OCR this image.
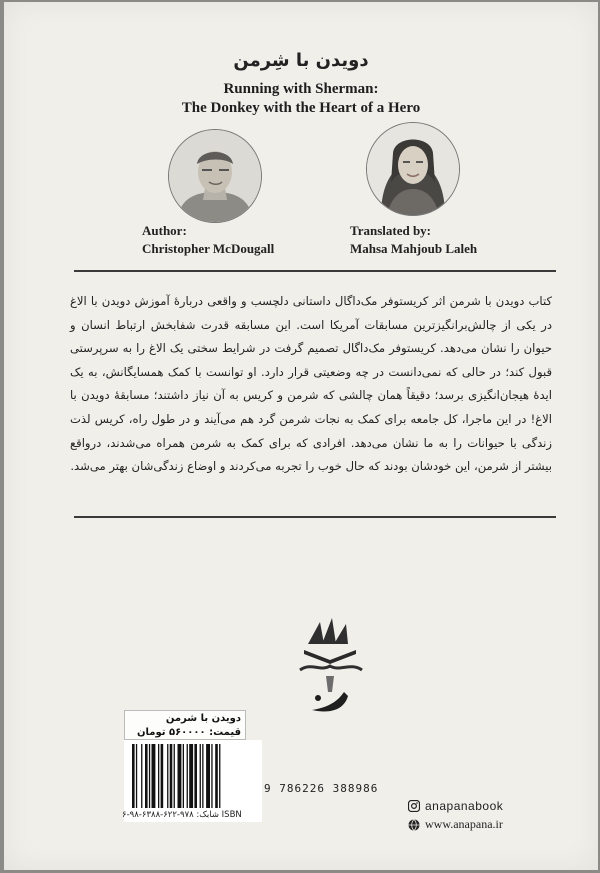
دویدن با شِرمن
Running with Sherman:
The Donkey with the Heart of a Hero
Author:
Christopher McDougall
Translated by:
Mahsa Mahjoub Laleh
کتاب دویدن با شرمن اثر کریستوفر مک‌داگال داستانی دلچسب و واقعی دربارهٔ آموزش دویدن با الاغ در یکی از چالش‌برانگیزترین مسابقات آمریکا است. این مسابقه قدرت شفابخش ارتباط انسان و حیوان را نشان می‌دهد. کریستوفر مک‌داگال تصمیم گرفت در شرایط سختی یک الاغ را به سرپرستی قبول کند؛ در حالی که نمی‌دانست در چه وضعیتی قرار دارد. او توانست با کمک همسایگانش، به یک ایدهٔ هیجان‌انگیزی برسد؛ دقیقاً همان چالشی که شرمن و کریس به آن نیاز داشتند؛ مسابقهٔ دویدن با الاغ! در این ماجرا، کل جامعه برای کمک به نجات شرمن گرد هم می‌آیند و در طول راه، کریس لذت زندگی با حیوانات را به ما نشان می‌دهد. افرادی که برای کمک به شرمن همراه می‌شدند، درواقع بیشتر از شرمن، این خودشان بودند که حال خوب را تجربه می‌کردند و اوضاع زندگی‌شان بهتر می‌شد.
دویدن با شرمن
قیمت: ۵۶۰۰۰۰ تومان
9 786226 388986
شابک: ۹۷۸-۶۲۲-۶۳۸۸-۹۸-۶ ISBN
anapanabook
www.anapana.ir
